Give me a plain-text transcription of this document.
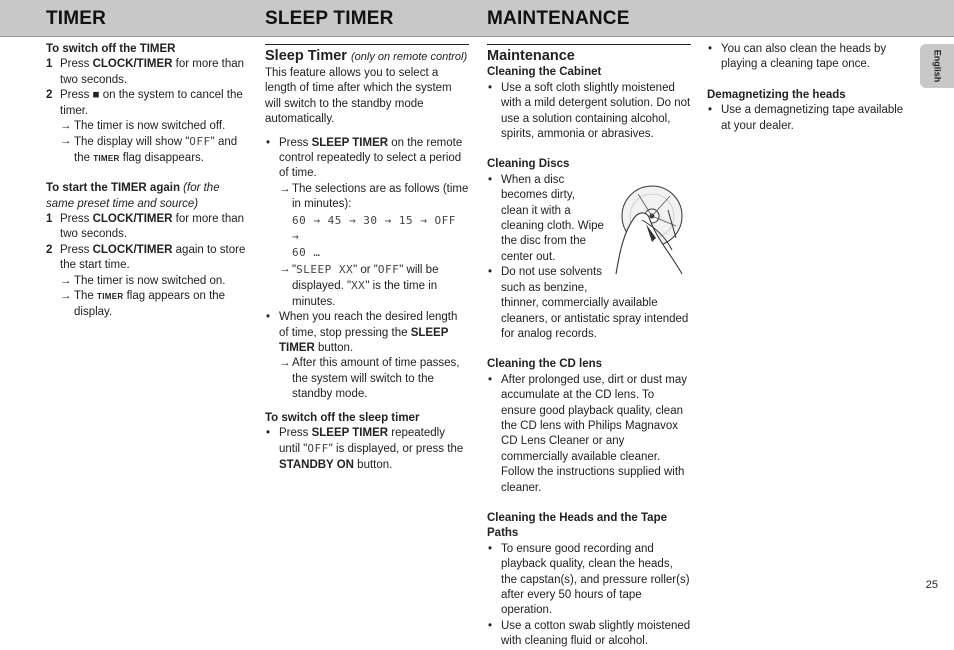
TIMER	SLEEP TIMER	MAINTENANCE

To switch off the TIMER

1 Press CLOCK/TIMER for more than two seconds.
2 Press ■ on the system to cancel the timer.
→ The timer is now switched off.
→ The display will show "OFF" and the TIMER flag disappears.

To start the TIMER again (for the same preset time and source)

1 Press CLOCK/TIMER for more than two seconds.
2 Press CLOCK/TIMER again to store the start time.
→ The timer is now switched on.
→ The TIMER flag appears on the display.
Sleep Timer (only on remote control)

This feature allows you to select a length of time after which the system will switch to the standby mode automatically.

• Press SLEEP TIMER on the remote control repeatedly to select a period of time.
→ The selections are as follows (time in minutes):
60 → 45 → 30 → 15 → OFF →
60 …
→ "SLEEP XX" or "OFF" will be displayed. "XX" is the time in minutes.
• When you reach the desired length of time, stop pressing the SLEEP TIMER button.
→ After this amount of time passes, the system will switch to the standby mode.

To switch off the sleep timer

• Press SLEEP TIMER repeatedly until "OFF" is displayed, or press the STANDBY ON button.
Maintenance

Cleaning the Cabinet

• Use a soft cloth slightly moistened with a mild detergent solution. Do not use a solution containing alcohol, spirits, ammonia or abrasives.

Cleaning Discs

• When a disc becomes dirty, clean it with a cleaning cloth. Wipe the disc from the center out.
• Do not use solvents such as benzine,

thinner, commercially available cleaners, or antistatic spray intended for analog records.

Cleaning the CD lens

• After prolonged use, dirt or dust may accumulate at the CD lens. To ensure good playback quality, clean the CD lens with Philips Magnavox CD Lens Cleaner or any commercially available cleaner. Follow the instructions supplied with cleaner.

Cleaning the Heads and the Tape Paths

• To ensure good recording and playback quality, clean the heads, the capstan(s), and pressure roller(s) after every 50 hours of tape operation.
• Use a cotton swab slightly moistened with cleaning fluid or alcohol.
• You can also clean the heads by playing a cleaning tape once.

Demagnetizing the heads

• Use a demagnetizing tape available at your dealer.
English
25
